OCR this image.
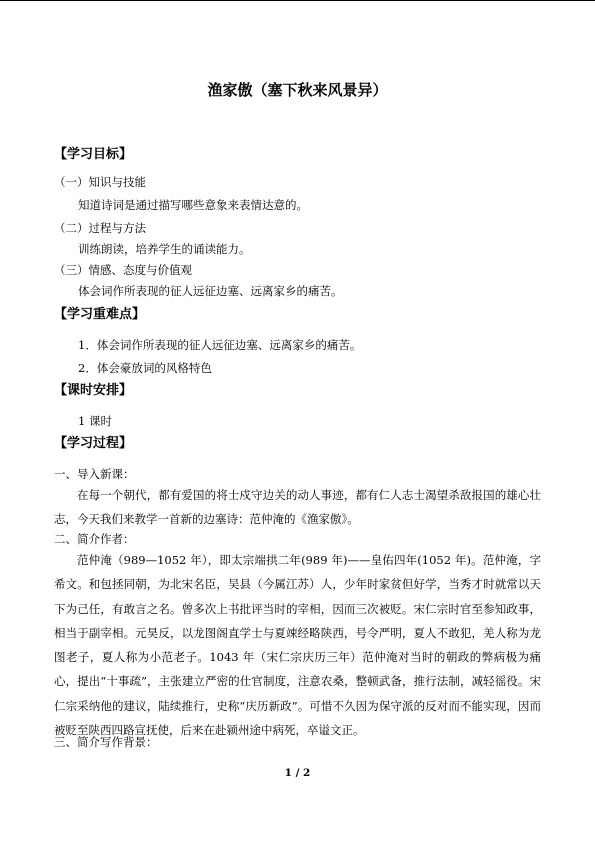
渔家傲（塞下秋来风景异）
【学习目标】
（一）知识与技能
知道诗词是通过描写哪些意象来表情达意的。
（二）过程与方法
训练朗读，培养学生的诵读能力。
（三）情感、态度与价值观
体会词作所表现的征人远征边塞、远离家乡的痛苦。
【学习重难点】
1．体会词作所表现的征人远征边塞、远离家乡的痛苦。
2．体会豪放词的风格特色
【课时安排】
1 课时
【学习过程】
一、导入新课：

在每一个朝代，都有爱国的将士戍守边关的动人事迹，都有仁人志士渴望杀敌报国的雄心壮志，今天我们来教学一首新的边塞诗：范仲淹的《渔家傲》。

二、简介作者：

范仲淹（989—1052 年），即太宗端拱二年(989 年)——皇佑四年(1052 年)。范仲淹，字希文。和包拯同朝，为北宋名臣，吴县（今属江苏）人，少年时家贫但好学，当秀才时就常以天下为己任，有敢言之名。曾多次上书批评当时的宰相，因而三次被贬。宋仁宗时官至参知政事，相当于副宰相。元昊反，以龙图阁直学士与夏竦经略陕西，号令严明，夏人不敢犯，羌人称为龙图老子，夏人称为小范老子。1043 年（宋仁宗庆历三年）范仲淹对当时的朝政的弊病极为痛心，提出“十事疏”，主张建立严密的仕官制度，注意农桑，整顿武备，推行法制，减轻徭役。宋仁宗采纳他的建议，陆续推行，史称“庆历新政”。可惜不久因为保守派的反对而不能实现，因而被贬至陕西四路宣抚使，后来在赴颍州途中病死，卒谥文正。

三、简介写作背景：
1 / 2
